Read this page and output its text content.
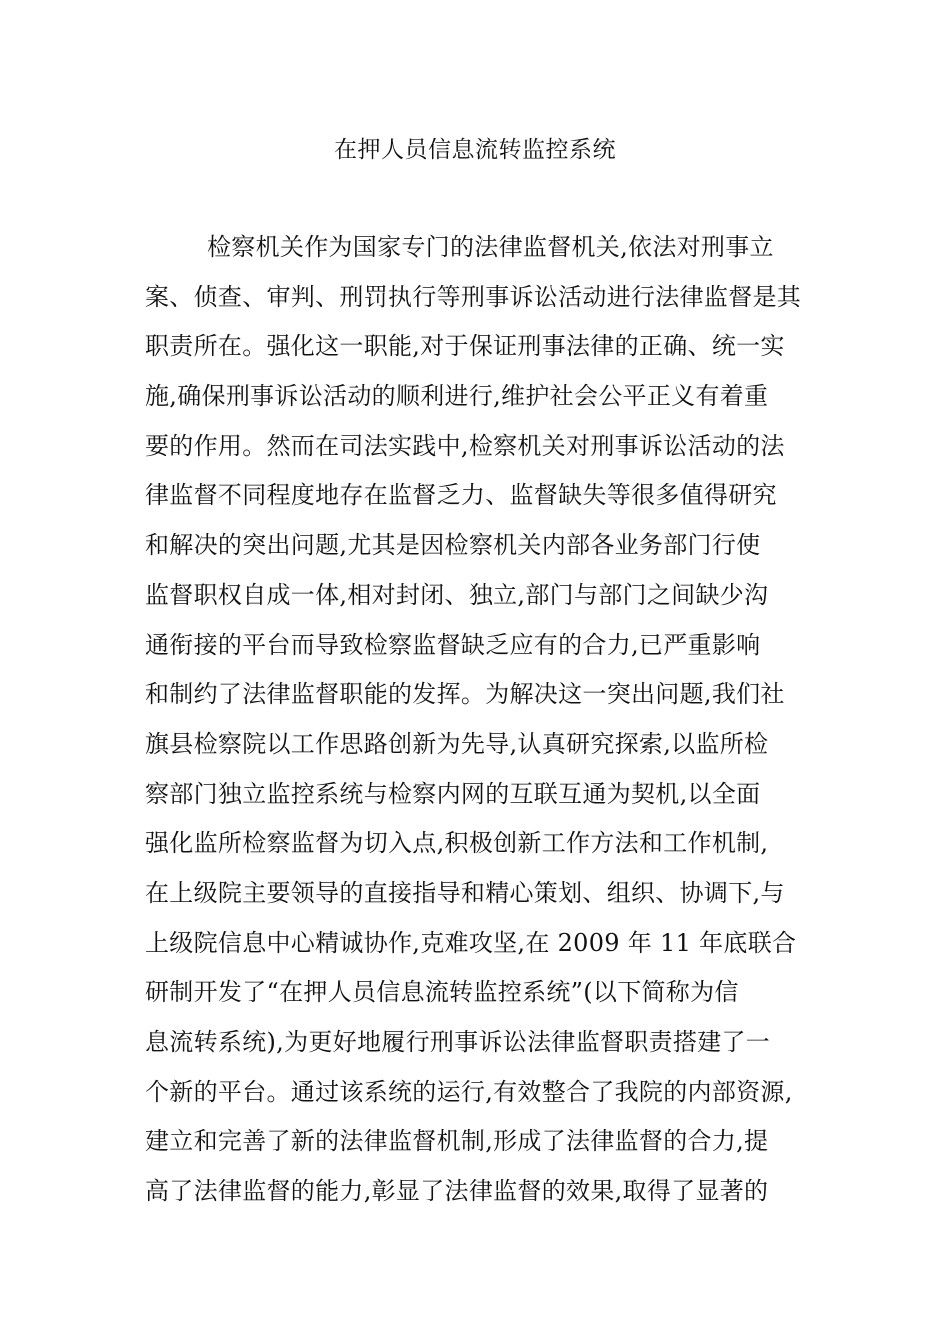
在押人员信息流转监控系统
检察机关作为国家专门的法律监督机关,依法对刑事立
案、侦查、审判、刑罚执行等刑事诉讼活动进行法律监督是其
职责所在。强化这一职能,对于保证刑事法律的正确、统一实
施,确保刑事诉讼活动的顺利进行,维护社会公平正义有着重
要的作用。然而在司法实践中,检察机关对刑事诉讼活动的法
律监督不同程度地存在监督乏力、监督缺失等很多值得研究
和解决的突出问题,尤其是因检察机关内部各业务部门行使
监督职权自成一体,相对封闭、独立,部门与部门之间缺少沟
通衔接的平台而导致检察监督缺乏应有的合力,已严重影响
和制约了法律监督职能的发挥。为解决这一突出问题,我们社
旗县检察院以工作思路创新为先导,认真研究探索,以监所检
察部门独立监控系统与检察内网的互联互通为契机,以全面
强化监所检察监督为切入点,积极创新工作方法和工作机制,
在上级院主要领导的直接指导和精心策划、组织、协调下,与
上级院信息中心精诚协作,克难攻坚,在 2009 年 11 年底联合
研制开发了“在押人员信息流转监控系统”(以下简称为信
息流转系统),为更好地履行刑事诉讼法律监督职责搭建了一
个新的平台。通过该系统的运行,有效整合了我院的内部资源,
建立和完善了新的法律监督机制,形成了法律监督的合力,提
高了法律监督的能力,彰显了法律监督的效果,取得了显著的
